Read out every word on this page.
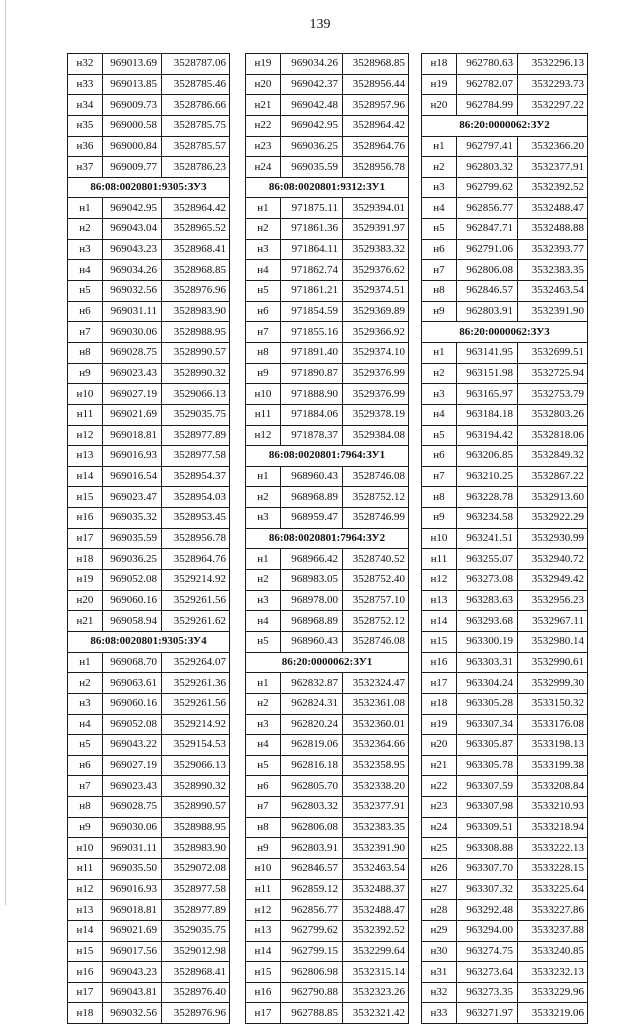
139
н32	969013.69	3528787.06
н33	969013.85	3528785.46
н34	969009.73	3528786.66
н35	969000.58	3528785.75
н36	969000.84	3528785.57
н37	969009.77	3528786.23
86:08:0020801:9305:ЗУ3		
н1	969042.95	3528964.42
н2	969043.04	3528965.52
н3	969043.23	3528968.41
н4	969034.26	3528968.85
н5	969032.56	3528976.96
н6	969031.11	3528983.90
н7	969030.06	3528988.95
н8	969028.75	3528990.57
н9	969023.43	3528990.32
н10	969027.19	3529066.13
н11	969021.69	3529035.75
н12	969018.81	3528977.89
н13	969016.93	3528977.58
н14	969016.54	3528954.37
н15	969023.47	3528954.03
н16	969035.32	3528953.45
н17	969035.59	3528956.78
н18	969036.25	3528964.76
н19	969052.08	3529214.92
н20	969060.16	3529261.56
н21	969058.94	3529261.62
86:08:0020801:9305:ЗУ4		
н1	969068.70	3529264.07
н2	969063.61	3529261.36
н3	969060.16	3529261.56
н4	969052.08	3529214.92
н5	969043.22	3529154.53
н6	969027.19	3529066.13
н7	969023.43	3528990.32
н8	969028.75	3528990.57
н9	969030.06	3528988.95
н10	969031.11	3528983.90
н11	969035.50	3529072.08
н12	969016.93	3528977.58
н13	969018.81	3528977.89
н14	969021.69	3529035.75
н15	969017.56	3529012.98
н16	969043.23	3528968.41
н17	969043.81	3528976.40
н18	969032.56	3528976.96
н19	969034.26	3528968.85
н20	969042.37	3528956.44
н21	969042.48	3528957.96
н22	969042.95	3528964.42
н23	969036.25	3528964.76
н24	969035.59	3528956.78
86:08:0020801:9312:ЗУ1		
н1	971875.11	3529394.01
н2	971861.36	3529391.97
н3	971864.11	3529383.32
н4	971862.74	3529376.62
н5	971861.21	3529374.51
н6	971854.59	3529369.89
н7	971855.16	3529366.92
н8	971891.40	3529374.10
н9	971890.87	3529376.99
н10	971888.90	3529376.99
н11	971884.06	3529378.19
н12	971878.37	3529384.08
86:08:0020801:7964:ЗУ1		
н1	968960.43	3528746.08
н2	968968.89	3528752.12
н3	968959.47	3528746.99
86:08:0020801:7964:ЗУ2		
н1	968966.42	3528740.52
н2	968983.05	3528752.40
н3	968978.00	3528757.10
н4	968968.89	3528752.12
н5	968960.43	3528746.08
86:20:0000062:ЗУ1		
н1	962832.87	3532324.47
н2	962824.31	3532361.08
н3	962820.24	3532360.01
н4	962819.06	3532364.66
н5	962816.18	3532358.95
н6	962805.70	3532338.20
н7	962803.32	3532377.91
н8	962806.08	3532383.35
н9	962803.91	3532391.90
н10	962846.57	3532463.54
н11	962859.12	3532488.37
н12	962856.77	3532488.47
н13	962799.62	3532392.52
н14	962799.15	3532299.64
н15	962806.98	3532315.14
н16	962790.88	3532323.26
н17	962788.85	3532321.42
н18	962780.63	3532296.13
н19	962782.07	3532293.73
н20	962784.99	3532297.22
86:20:0000062:ЗУ2		
н1	962797.41	3532366.20
н2	962803.32	3532377.91
н3	962799.62	3532392.52
н4	962856.77	3532488.47
н5	962847.71	3532488.88
н6	962791.06	3532393.77
н7	962806.08	3532383.35
н8	962846.57	3532463.54
н9	962803.91	3532391.90
86:20:0000062:ЗУ3		
н1	963141.95	3532699.51
н2	963151.98	3532725.94
н3	963165.97	3532753.79
н4	963184.18	3532803.26
н5	963194.42	3532818.06
н6	963206.85	3532849.32
н7	963210.25	3532867.22
н8	963228.78	3532913.60
н9	963234.58	3532922.29
н10	963241.51	3532930.99
н11	963255.07	3532940.72
н12	963273.08	3532949.42
н13	963283.63	3532956.23
н14	963293.68	3532967.11
н15	963300.19	3532980.14
н16	963303.31	3532990.61
н17	963304.24	3532999.30
н18	963305.28	3533150.32
н19	963307.34	3533176.08
н20	963305.87	3533198.13
н21	963305.78	3533199.38
н22	963307.59	3533208.84
н23	963307.98	3533210.93
н24	963309.51	3533218.94
н25	963308.88	3533222.13
н26	963307.70	3533228.15
н27	963307.32	3533225.64
н28	963292.48	3533227.86
н29	963294.00	3533237.88
н30	963274.75	3533240.85
н31	963273.64	3533232.13
н32	963273.35	3533229.96
н33	963271.97	3533219.06
